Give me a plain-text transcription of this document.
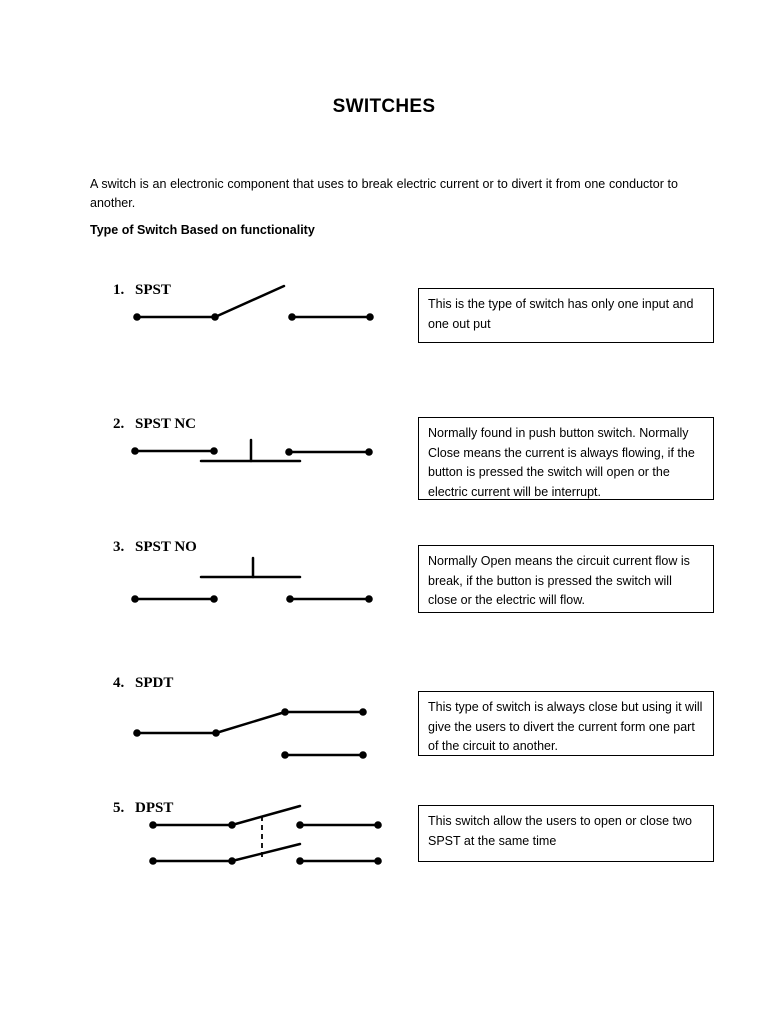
SWITCHES
A switch is an electronic component that uses to break electric current or to divert it from one conductor to another.
Type of Switch Based on functionality
1. SPST
This is the type of switch has only one input and one out put
2. SPST NC
Normally found in push button switch. Normally Close means the current is always flowing, if the button is pressed the switch will open or the electric current will be interrupt.
3. SPST NO
Normally Open means the circuit current flow is break, if the button is pressed the switch will close or the electric will flow.
4. SPDT
This type of switch is always close but using it will give the users to divert the current form one part of the circuit to another.
5. DPST
This switch allow the users to open or close two SPST at the same time
